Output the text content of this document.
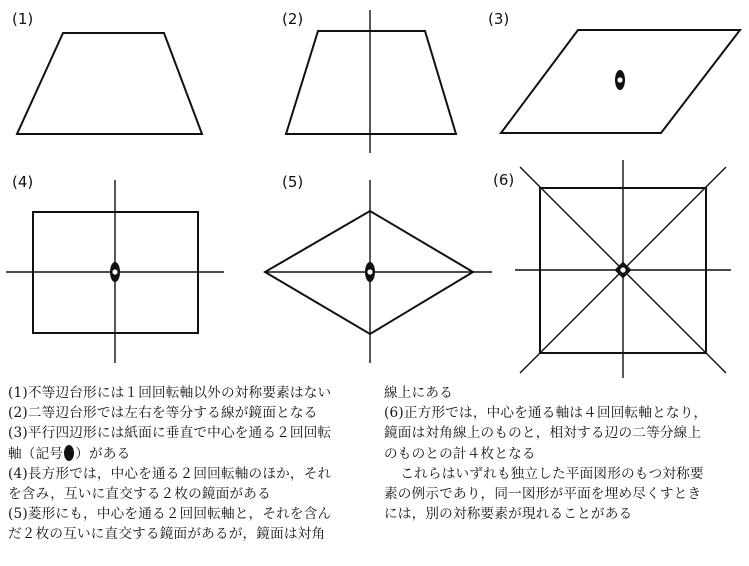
(1)	(2)	(3)
(4)	(5)	(6)
(1)不等辺台形には１回回転軸以外の対称要素はない
(2)二等辺台形では左右を等分する線が鏡面となる
(3)平行四辺形には紙面に垂直で中心を通る２回回転
軸（記号 ）がある
(4)長方形では，中心を通る２回回転軸のほか，それ
を含み，互いに直交する２枚の鏡面がある
(5)菱形にも，中心を通る２回回転軸と，それを含ん
だ２枚の互いに直交する鏡面があるが，鏡面は対角
線上にある
(6)正方形では，中心を通る軸は４回回転軸となり，
鏡面は対角線上のものと，相対する辺の二等分線上
のものとの計４枚となる
これらはいずれも独立した平面図形のもつ対称要
素の例示であり，同一図形が平面を埋め尽くすとき
には，別の対称要素が現れることがある
